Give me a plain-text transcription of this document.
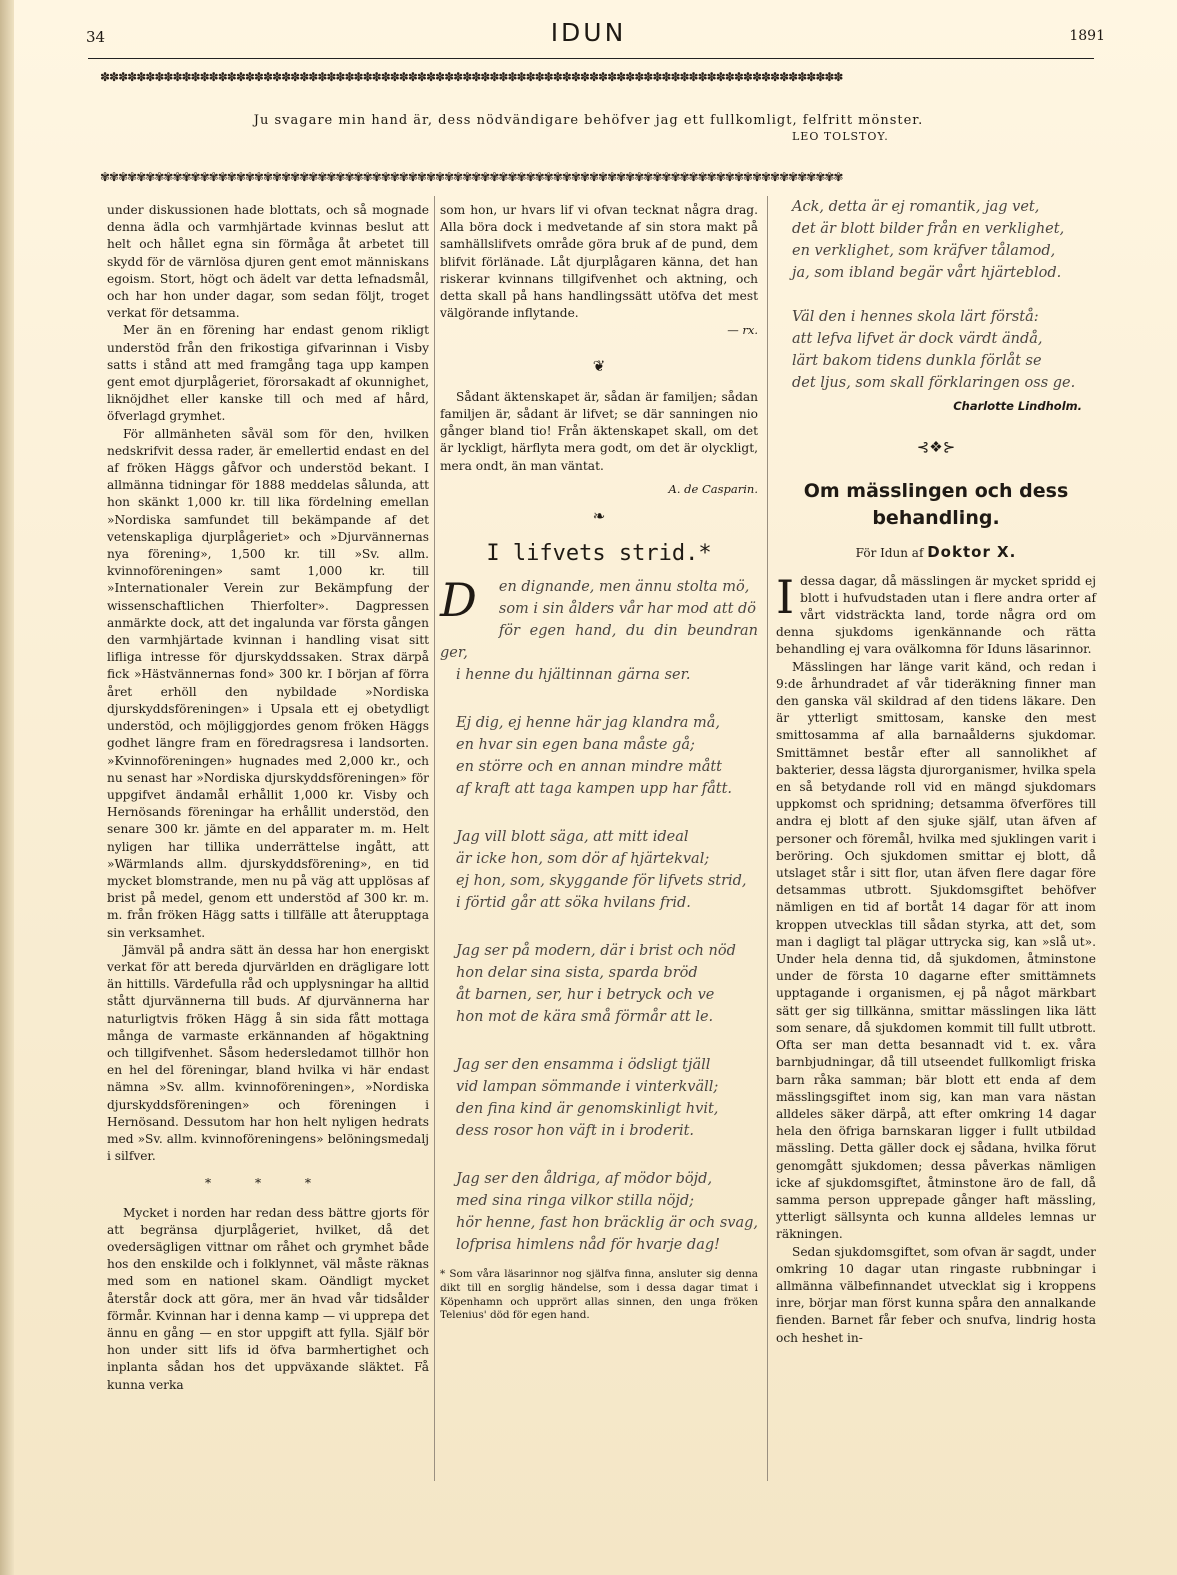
34	IDUN	1891
✽✽✽✽✽✽✽✽✽✽✽✽✽✽✽✽✽✽✽✽✽✽✽✽✽✽✽✽✽✽✽✽✽✽✽✽✽✽✽✽✽✽✽✽✽✽✽✽✽✽✽✽✽✽✽✽✽✽✽✽✽✽✽✽✽✽✽✽✽✽✽✽✽✽✽✽✽✽✽✽✽✽
Ju svagare min hand är, dess nödvändigare behöfver jag ett fullkomligt, felfritt mönster.
LEO TOLSTOY.
✾✾✾✾✾✾✾✾✾✾✾✾✾✾✾✾✾✾✾✾✾✾✾✾✾✾✾✾✾✾✾✾✾✾✾✾✾✾✾✾✾✾✾✾✾✾✾✾✾✾✾✾✾✾✾✾✾✾✾✾✾✾✾✾✾✾✾✾✾✾✾✾✾✾✾✾✾✾✾✾✾✾

under diskussionen hade blottats, och så mognade denna ädla och varmhjärtade kvinnas beslut att helt och hållet egna sin förmåga åt arbetet till skydd för de värnlösa djuren gent emot människans egoism. Stort, högt och ädelt var detta lefnadsmål, och har hon under dagar, som sedan följt, troget verkat för detsamma.

Mer än en förening har endast genom rikligt understöd från den frikostiga gifvarinnan i Visby satts i stånd att med framgång taga upp kampen gent emot djurplågeriet, förorsakadt af okunnighet, liknöjdhet eller kanske till och med af hård, öfverlagd grymhet.

För allmänheten såväl som för den, hvilken nedskrifvit dessa rader, är emellertid endast en del af fröken Häggs gåfvor och understöd bekant. I allmänna tidningar för 1888 meddelas sålunda, att hon skänkt 1,000 kr. till lika fördelning emellan »Nordiska samfundet till bekämpande af det vetenskapliga djurplågeriet» och »Djurvännernas nya förening», 1,500 kr. till »Sv. allm. kvinnoföreningen» samt 1,000 kr. till »Internationaler Verein zur Bekämpfung der wissenschaftlichen Thierfolter». Dagpressen anmärkte dock, att det ingalunda var första gången den varmhjärtade kvinnan i handling visat sitt lifliga intresse för djurskyddssaken. Strax därpå fick »Hästvännernas fond» 300 kr. I början af förra året erhöll den nybildade »Nordiska djurskyddsföreningen» i Upsala ett ej obetydligt understöd, och möjliggjordes genom fröken Häggs godhet längre fram en föredragsresa i landsorten. »Kvinnoföreningen» hugnades med 2,000 kr., och nu senast har »Nordiska djurskyddsföreningen» för uppgifvet ändamål erhållit 1,000 kr. Visby och Hernösands föreningar ha erhållit understöd, den senare 300 kr. jämte en del apparater m. m. Helt nyligen har tillika underrättelse ingått, att »Wärmlands allm. djurskyddsförening», en tid mycket blomstrande, men nu på väg att upplösas af brist på medel, genom ett understöd af 300 kr. m. m. från fröken Hägg satts i tillfälle att återupptaga sin verksamhet.

Jämväl på andra sätt än dessa har hon energiskt verkat för att bereda djurvärlden en drägligare lott än hittills. Värdefulla råd och upplysningar ha alltid stått djurvännerna till buds. Af djurvännerna har naturligtvis fröken Hägg å sin sida fått mottaga många de varmaste erkännanden af högaktning och tillgifvenhet. Såsom hedersledamot tillhör hon en hel del föreningar, bland hvilka vi här endast nämna »Sv. allm. kvinnoföreningen», »Nordiska djurskyddsföreningen» och föreningen i Hernösand. Dessutom har hon helt nyligen hedrats med »Sv. allm. kvinnoföreningens» belöningsmedalj i silfver.

* * *

Mycket i norden har redan dess bättre gjorts för att begränsa djurplågeriet, hvilket, då det ovedersägligen vittnar om råhet och grymhet både hos den enskilde och i folklynnet, väl måste räknas med som en nationel skam. Oändligt mycket återstår dock att göra, mer än hvad vår tidsålder förmår. Kvinnan har i denna kamp — vi upprepa det ännu en gång — en stor uppgift att fylla. Själf bör hon under sitt lifs id öfva barmhertighet och inplanta sådan hos det uppväxande släktet. Få kunna verka

som hon, ur hvars lif vi ofvan tecknat några drag. Alla böra dock i medvetande af sin stora makt på samhällslifvets område göra bruk af de pund, dem blifvit förlänade. Låt djurplågaren känna, det han riskerar kvinnans tillgifvenhet och aktning, och detta skall på hans handlingssätt utöfva det mest välgörande inflytande.

— rx.
❦

Sådant äktenskapet är, sådan är familjen; sådan familjen är, sådant är lifvet; se där sanningen nio gånger bland tio! Från äktenskapet skall, om det är lyckligt, härflyta mera godt, om det är olyckligt, mera ondt, än man väntat.

A. de Casparin.
❧
I lifvets strid.*
D	en dignande, men ännu stolta mö,

som i sin ålders vår har mod att dö

för egen hand, du din beundran ger,

i henne du hjältinnan gärna ser.

Ej dig, ej henne här jag klandra må,

en hvar sin egen bana måste gå;

en större och en annan mindre mått

af kraft att taga kampen upp har fått.

Jag vill blott säga, att mitt ideal

är icke hon, som dör af hjärtekval;

ej hon, som, skyggande för lifvets strid,

i förtid går att söka hvilans frid.

Jag ser på modern, där i brist och nöd

hon delar sina sista, sparda bröd

åt barnen, ser, hur i betryck och ve

hon mot de kära små förmår att le.

Jag ser den ensamma i ödsligt tjäll

vid lampan sömmande i vinterkväll;

den fina kind är genomskinligt hvit,

dess rosor hon väft in i broderit.

Jag ser den åldriga, af mödor böjd,

med sina ringa vilkor stilla nöjd;

hör henne, fast hon bräcklig är och svag,

lofprisa himlens nåd för hvarje dag!

* Som våra läsarinnor nog själfva finna, ansluter sig denna dikt till en sorglig händelse, som i dessa dagar timat i Köpenhamn och upprört allas sinnen, den unga fröken Telenius' död för egen hand.

Ack, detta är ej romantik, jag vet,

det är blott bilder från en verklighet,

en verklighet, som kräfver tålamod,

ja, som ibland begär vårt hjärteblod.

Väl den i hennes skola lärt förstå:

att lefva lifvet är dock värdt ändå,

lärt bakom tidens dunkla förlåt se

det ljus, som skall förklaringen oss ge.

Charlotte Lindholm.
⊰❖⊱
Om mässlingen och dess behandling.
För Idun af Doktor X.

I dessa dagar, då mässlingen är mycket spridd ej blott i hufvudstaden utan i flere andra orter af vårt vidsträckta land, torde några ord om denna sjukdoms igenkännande och rätta behandling ej vara ovälkomna för Iduns läsarinnor.

Mässlingen har länge varit känd, och redan i 9:de århundradet af vår tideräkning finner man den ganska väl skildrad af den tidens läkare. Den är ytterligt smittosam, kanske den mest smittosamma af alla barnaålderns sjukdomar. Smittämnet består efter all sannolikhet af bakterier, dessa lägsta djurorganismer, hvilka spela en så betydande roll vid en mängd sjukdomars uppkomst och spridning; detsamma öfverföres till andra ej blott af den sjuke själf, utan äfven af personer och föremål, hvilka med sjuklingen varit i beröring. Och sjukdomen smittar ej blott, då utslaget står i sitt flor, utan äfven flere dagar före detsammas utbrott. Sjukdomsgiftet behöfver nämligen en tid af bortåt 14 dagar för att inom kroppen utvecklas till sådan styrka, att det, som man i dagligt tal plägar uttrycka sig, kan »slå ut». Under hela denna tid, då sjukdomen, åtminstone under de första 10 dagarne efter smittämnets upptagande i organismen, ej på något märkbart sätt ger sig tillkänna, smittar mässlingen lika lätt som senare, då sjukdomen kommit till fullt utbrott. Ofta ser man detta besannadt vid t. ex. våra barnbjudningar, då till utseendet fullkomligt friska barn råka samman; bär blott ett enda af dem mässlingsgiftet inom sig, kan man vara nästan alldeles säker därpå, att efter omkring 14 dagar hela den öfriga barnskaran ligger i fullt utbildad mässling. Detta gäller dock ej sådana, hvilka förut genomgått sjukdomen; dessa påverkas nämligen icke af sjukdomsgiftet, åtminstone äro de fall, då samma person upprepade gånger haft mässling, ytterligt sällsynta och kunna alldeles lemnas ur räkningen.

Sedan sjukdomsgiftet, som ofvan är sagdt, under omkring 10 dagar utan ringaste rubbningar i allmänna välbefinnandet utvecklat sig i kroppens inre, börjar man först kunna spåra den annalkande fienden. Barnet får feber och snufva, lindrig hosta och heshet in-
